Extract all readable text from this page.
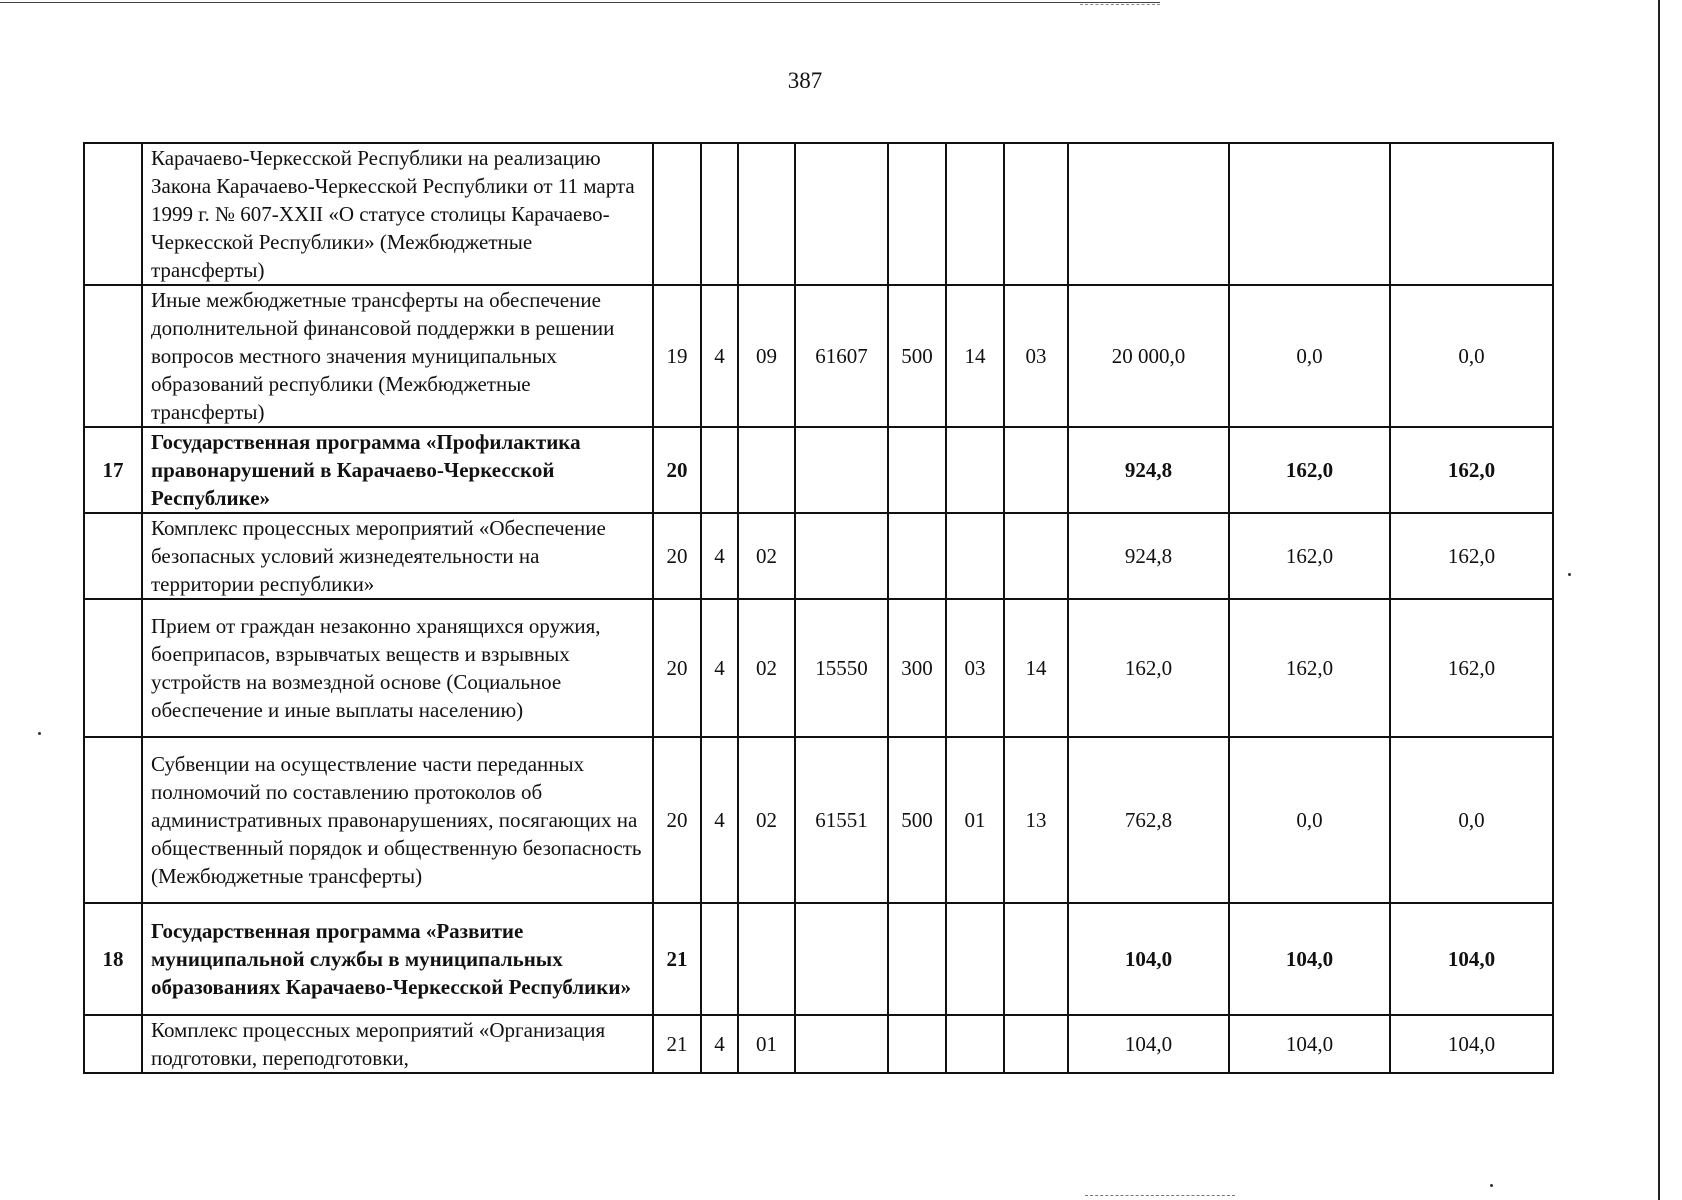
387
	Карачаево-Черкесской Республики на реализацию Закона Карачаево-Черкесской Республики от 11 марта 1999 г. № 607-XXII «О статусе столицы Карачаево-Черкесской Республики» (Межбюджетные трансферты)										
	Иные межбюджетные трансферты на обеспечение дополнительной финансовой поддержки в решении вопросов местного значения муниципальных образований республики (Межбюджетные трансферты)	19	4	09	61607	500	14	03	20 000,0	0,0	0,0
17	Государственная программа «Профилактика правонарушений в Карачаево-Черкесской Республике»	20							924,8	162,0	162,0
	Комплекс процессных мероприятий «Обеспечение безопасных условий жизнедеятельности на территории республики»	20	4	02					924,8	162,0	162,0
	Прием от граждан незаконно хранящихся оружия, боеприпасов, взрывчатых веществ и взрывных устройств на возмездной основе (Социальное обеспечение и иные выплаты населению)	20	4	02	15550	300	03	14	162,0	162,0	162,0
	Субвенции на осуществление части переданных полномочий по составлению протоколов об административных правонарушениях, посягающих на общественный порядок и общественную безопасность (Межбюджетные трансферты)	20	4	02	61551	500	01	13	762,8	0,0	0,0
18	Государственная программа «Развитие муниципальной службы в муниципальных образованиях Карачаево-Черкесской Республики»	21							104,0	104,0	104,0
	Комплекс процессных мероприятий «Организация подготовки, переподготовки,	21	4	01					104,0	104,0	104,0
